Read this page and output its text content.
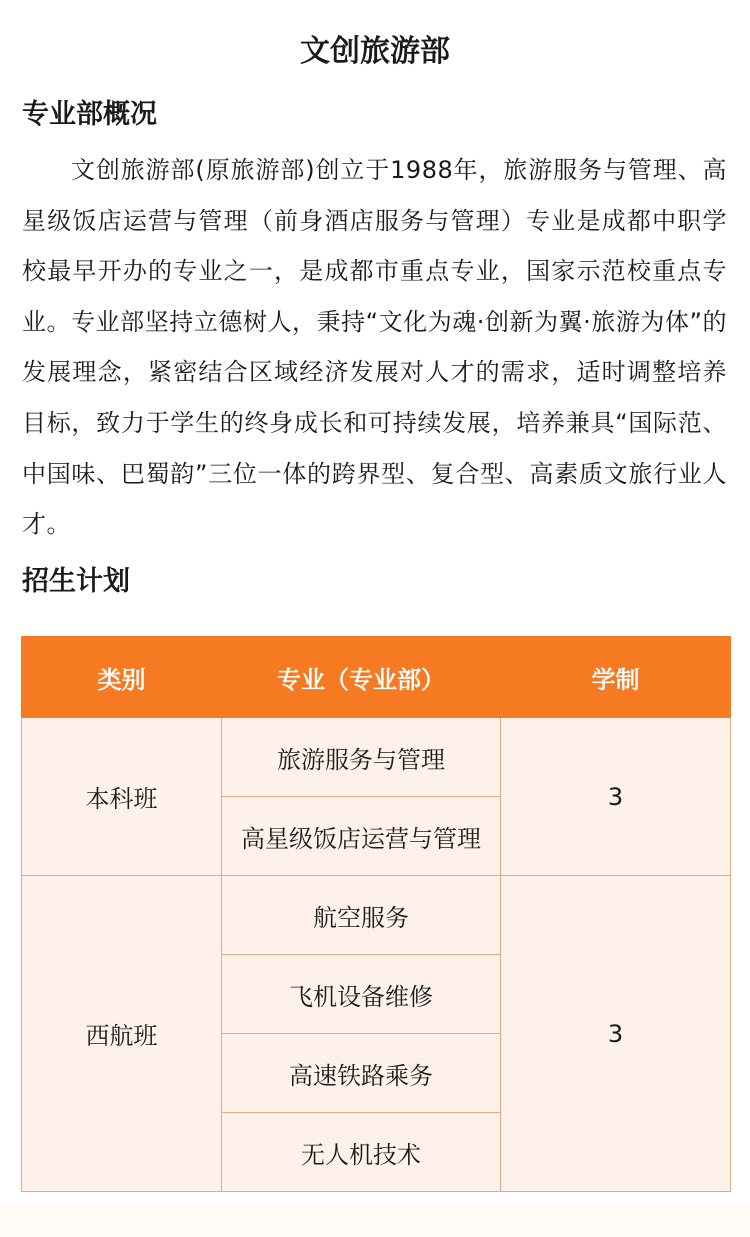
文创旅游部
专业部概况

文创旅游部(原旅游部)创立于1988年，旅游服务与管理、高星级饭店运营与管理（前身酒店服务与管理）专业是成都中职学校最早开办的专业之一，是成都市重点专业，国家示范校重点专业。专业部坚持立德树人，秉持“文化为魂·创新为翼·旅游为体”的发展理念，紧密结合区域经济发展对人才的需求，适时调整培养目标，致力于学生的终身成长和可持续发展，培养兼具“国际范、中国味、巴蜀韵”三位一体的跨界型、复合型、高素质文旅行业人才。

招生计划
类别	专业（专业部）	学制
本科班	旅游服务与管理	3
	高星级饭店运营与管理	
西航班	航空服务	3
	飞机设备维修	
	高速铁路乘务	
	无人机技术	
